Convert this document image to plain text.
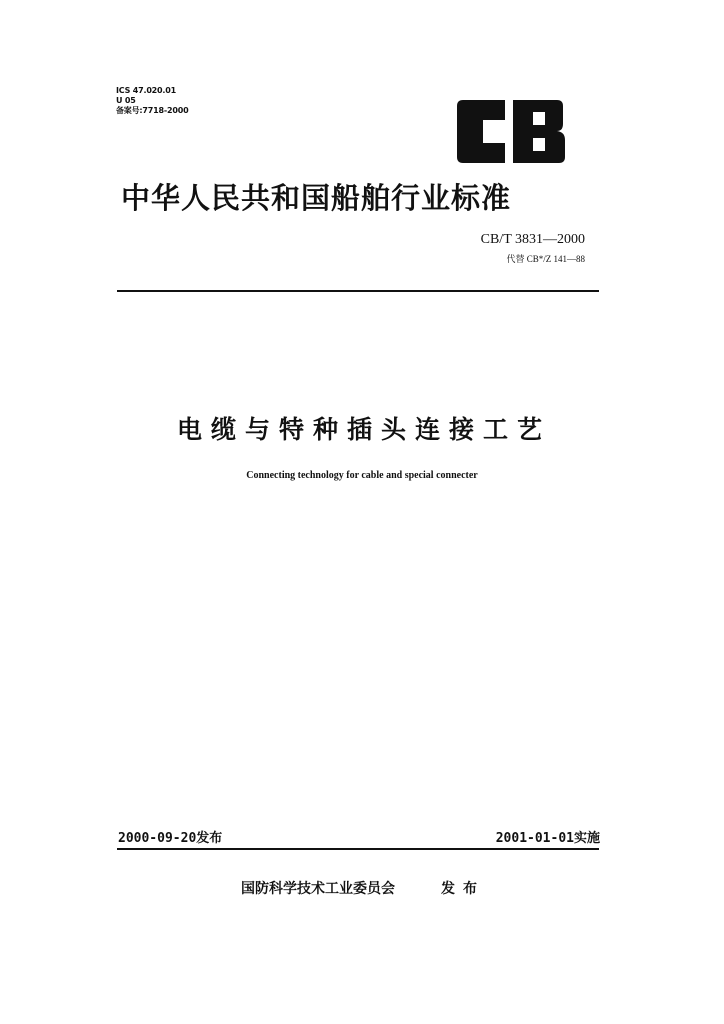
ICS 47.020.01
U 05
备案号:7718-2000
中华人民共和国船舶行业标准
CB/T 3831—2000
代替 CB*/Z 141—88
电缆与特种插头连接工艺
Connecting technology for cable and special connecter
2000-09-20发布	2001-01-01实施
国防科学技术工业委员会	发布
